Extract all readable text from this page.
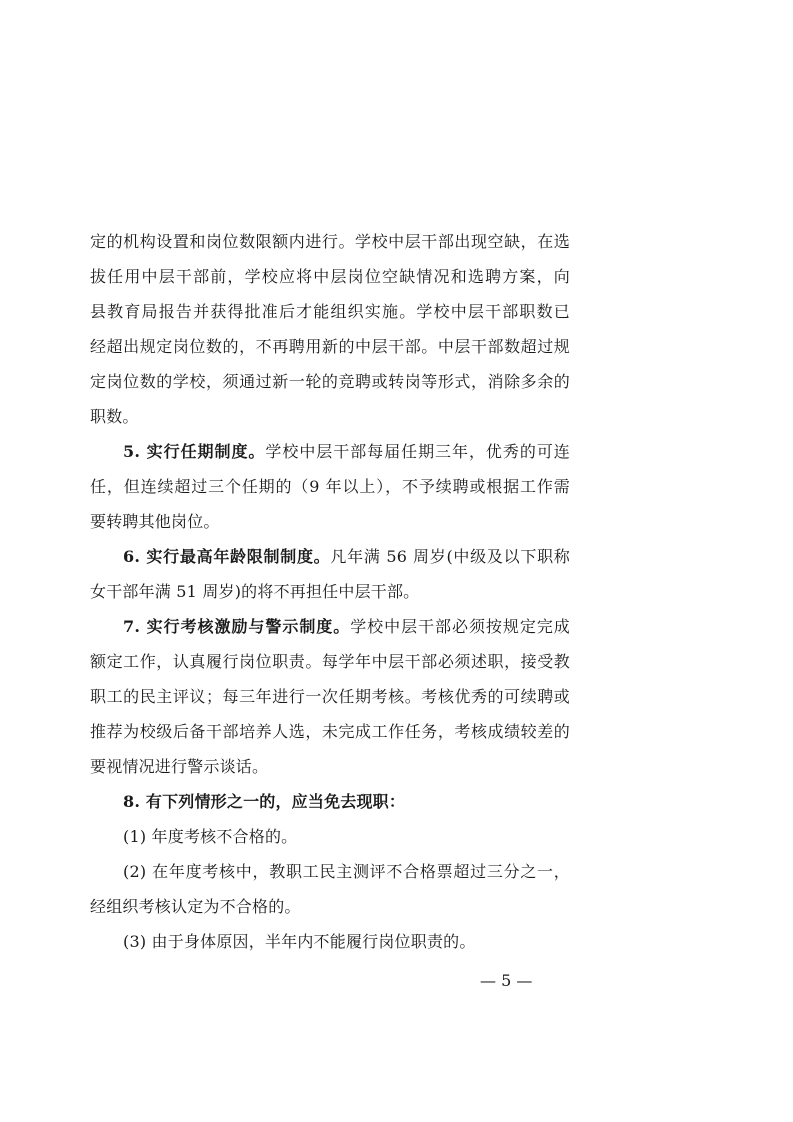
定的机构设置和岗位数限额内进行。学校中层干部出现空缺，在选
拔任用中层干部前，学校应将中层岗位空缺情况和选聘方案，向
县教育局报告并获得批准后才能组织实施。学校中层干部职数已
经超出规定岗位数的，不再聘用新的中层干部。中层干部数超过规
定岗位数的学校，须通过新一轮的竞聘或转岗等形式，消除多余的
职数。
5. 实行任期制度。学校中层干部每届任期三年，优秀的可连
任，但连续超过三个任期的（9 年以上），不予续聘或根据工作需
要转聘其他岗位。
6. 实行最高年龄限制制度。凡年满 56 周岁(中级及以下职称
女干部年满 51 周岁)的将不再担任中层干部。
7. 实行考核激励与警示制度。学校中层干部必须按规定完成
额定工作，认真履行岗位职责。每学年中层干部必须述职，接受教
职工的民主评议；每三年进行一次任期考核。考核优秀的可续聘或
推荐为校级后备干部培养人选，未完成工作任务，考核成绩较差的
要视情况进行警示谈话。
8. 有下列情形之一的，应当免去现职：
(1) 年度考核不合格的。
(2) 在年度考核中，教职工民主测评不合格票超过三分之一，
经组织考核认定为不合格的。
(3) 由于身体原因，半年内不能履行岗位职责的。
— 5 —
